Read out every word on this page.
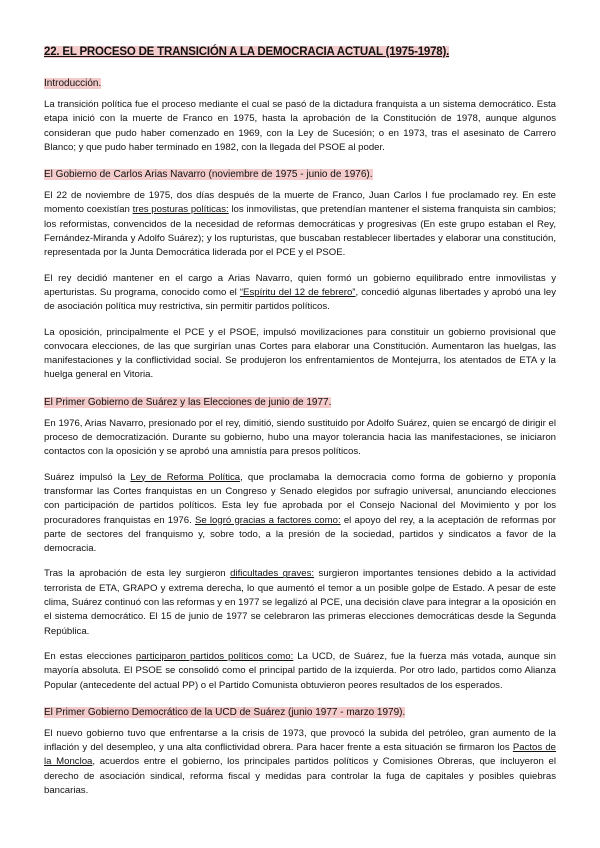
22. EL PROCESO DE TRANSICIÓN A LA DEMOCRACIA ACTUAL (1975-1978).
Introducción.

La transición política fue el proceso mediante el cual se pasó de la dictadura franquista a un sistema democrático. Esta etapa inició con la muerte de Franco en 1975, hasta la aprobación de la Constitución de 1978, aunque algunos consideran que pudo haber comenzado en 1969, con la Ley de Sucesión; o en 1973, tras el asesinato de Carrero Blanco; y que pudo haber terminado en 1982, con la llegada del PSOE al poder.

El Gobierno de Carlos Arias Navarro (noviembre de 1975 - junio de 1976).

El 22 de noviembre de 1975, dos días después de la muerte de Franco, Juan Carlos I fue proclamado rey. En este momento coexistían tres posturas políticas: los inmovilistas, que pretendían mantener el sistema franquista sin cambios; los reformistas, convencidos de la necesidad de reformas democráticas y progresivas (En este grupo estaban el Rey, Fernández-Miranda y Adolfo Suárez); y los rupturistas, que buscaban restablecer libertades y elaborar una constitución, representada por la Junta Democrática liderada por el PCE y el PSOE.

El rey decidió mantener en el cargo a Arias Navarro, quien formó un gobierno equilibrado entre inmovilistas y aperturistas. Su programa, conocido como el “Espíritu del 12 de febrero”, concedió algunas libertades y aprobó una ley de asociación política muy restrictiva, sin permitir partidos políticos.

La oposición, principalmente el PCE y el PSOE, impulsó movilizaciones para constituir un gobierno provisional que convocara elecciones, de las que surgirían unas Cortes para elaborar una Constitución. Aumentaron las huelgas, las manifestaciones y la conflictividad social. Se produjeron los enfrentamientos de Montejurra, los atentados de ETA y la huelga general en Vitoria.

El Primer Gobierno de Suárez y las Elecciones de junio de 1977.

En 1976, Arias Navarro, presionado por el rey, dimitió, siendo sustituido por Adolfo Suárez, quien se encargó de dirigir el proceso de democratización. Durante su gobierno, hubo una mayor tolerancia hacia las manifestaciones, se iniciaron contactos con la oposición y se aprobó una amnistía para presos políticos.

Suárez impulsó la Ley de Reforma Política, que proclamaba la democracia como forma de gobierno y proponía transformar las Cortes franquistas en un Congreso y Senado elegidos por sufragio universal, anunciando elecciones con participación de partidos políticos. Esta ley fue aprobada por el Consejo Nacional del Movimiento y por los procuradores franquistas en 1976. Se logró gracias a factores como: el apoyo del rey, a la aceptación de reformas por parte de sectores del franquismo y, sobre todo, a la presión de la sociedad, partidos y sindicatos a favor de la democracia.

Tras la aprobación de esta ley surgieron dificultades graves: surgieron importantes tensiones debido a la actividad terrorista de ETA, GRAPO y extrema derecha, lo que aumentó el temor a un posible golpe de Estado. A pesar de este clima, Suárez continuó con las reformas y en 1977 se legalizó al PCE, una decisión clave para integrar a la oposición en el sistema democrático. El 15 de junio de 1977 se celebraron las primeras elecciones democráticas desde la Segunda República.

En estas elecciones participaron partidos políticos como: La UCD, de Suárez, fue la fuerza más votada, aunque sin mayoría absoluta. El PSOE se consolidó como el principal partido de la izquierda. Por otro lado, partidos como Alianza Popular (antecedente del actual PP) o el Partido Comunista obtuvieron peores resultados de los esperados.

El Primer Gobierno Democrático de la UCD de Suárez (junio 1977 - marzo 1979).

El nuevo gobierno tuvo que enfrentarse a la crisis de 1973, que provocó la subida del petróleo, gran aumento de la inflación y del desempleo, y una alta conflictividad obrera. Para hacer frente a esta situación se firmaron los Pactos de la Moncloa, acuerdos entre el gobierno, los principales partidos políticos y Comisiones Obreras, que incluyeron el derecho de asociación sindical, reforma fiscal y medidas para controlar la fuga de capitales y posibles quiebras bancarias.
